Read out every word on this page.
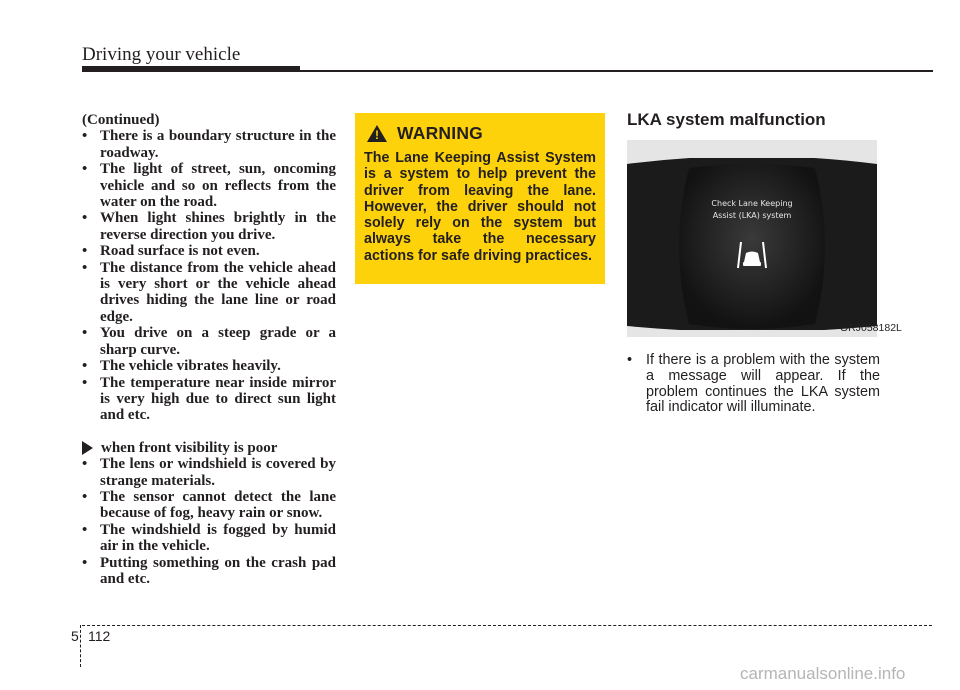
Driving your vehicle

(Continued)

• There is a boundary structure in the roadway.
• The light of street, sun, oncoming vehicle and so on reflects from the water on the road.
• When light shines brightly in the reverse direction you drive.
• Road surface is not even.
• The distance from the vehicle ahead is very short or the vehicle ahead drives hiding the lane line or road edge.
• You drive on a steep grade or a sharp curve.
• The vehicle vibrates heavily.
• The temperature near inside mirror is very high due to direct sun light and etc.
when front visibility is poor
• The lens or windshield is covered by strange materials.
• The sensor cannot detect the lane because of fog, heavy rain or snow.
• The windshield is fogged by humid air in the vehicle.
• Putting something on the crash pad and etc.
! WARNING
The Lane Keeping Assist System is a system to help prevent the driver from leaving the lane. However, the driver should not solely rely on the system but always take the necessary actions for safe driving practices.
LKA system malfunction
Check Lane Keeping
Assist (LKA) system
ORJ058182L
• If there is a problem with the system a message will appear. If the problem continues the LKA system fail indicator will illuminate.
5 112
carmanualsonline.info
